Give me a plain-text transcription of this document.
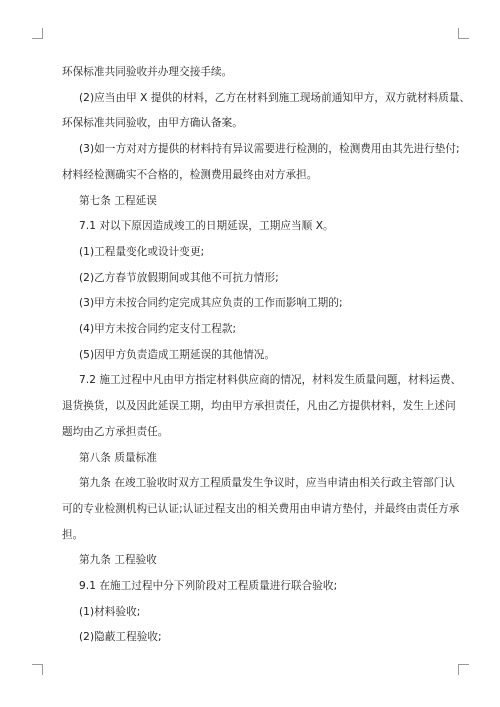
环保标准共同验收并办理交接手续。
(2)应当由甲 X 提供的材料，乙方在材料到施工现场前通知甲方，双方就材料质量、
环保标准共同验收，由甲方确认备案。
(3)如一方对对方提供的材料持有异议需要进行检测的，检测费用由其先进行垫付;
材料经检测确实不合格的，检测费用最终由对方承担。
第七条 工程延误
7.1 对以下原因造成竣工的日期延误，工期应当顺 X。
(1)工程量变化或设计变更;
(2)乙方春节放假期间或其他不可抗力情形;
(3)甲方未按合同约定完成其应负责的工作而影响工期的;
(4)甲方未按合同约定支付工程款;
(5)因甲方负责造成工期延误的其他情况。
7.2 施工过程中凡由甲方指定材料供应商的情况，材料发生质量问题，材料运费、
退货换货，以及因此延误工期，均由甲方承担责任，凡由乙方提供材料，发生上述问
题均由乙方承担责任。
第八条 质量标准
第九条 在竣工验收时双方工程质量发生争议时，应当申请由相关行政主管部门认
可的专业检测机构已认证;认证过程支出的相关费用由申请方垫付，并最终由责任方承
担。
第九条 工程验收
9.1 在施工过程中分下列阶段对工程质量进行联合验收;
(1)材料验收;
(2)隐蔽工程验收;
